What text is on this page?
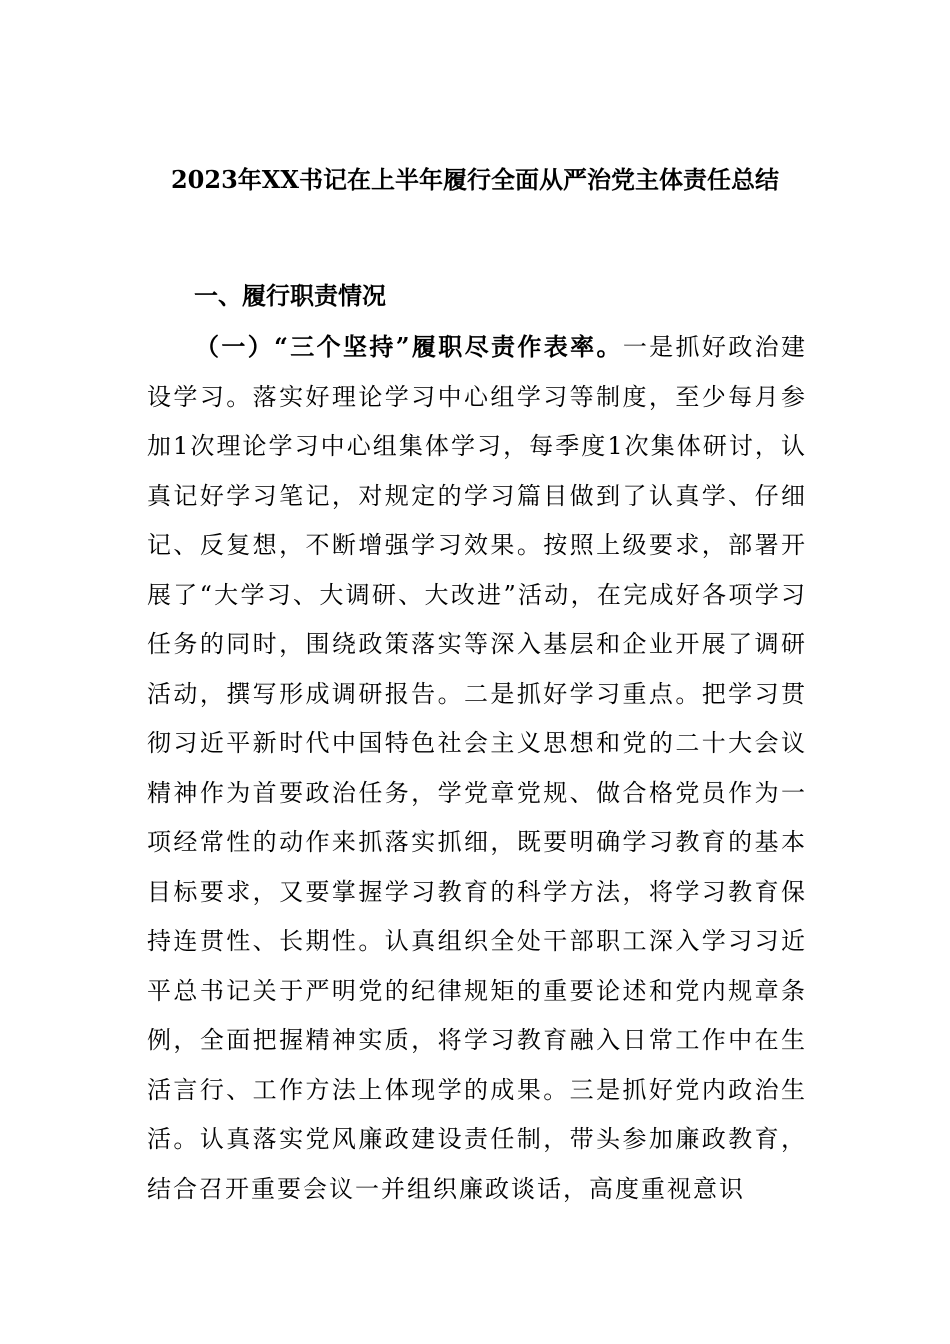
2023年XX书记在上半年履行全面从严治党主体责任总结
一、履行职责情况

（一）“三个坚持”履职尽责作表率。一是抓好政治建设学习。落实好理论学习中心组学习等制度，至少每月参加1次理论学习中心组集体学习，每季度1次集体研讨，认真记好学习笔记，对规定的学习篇目做到了认真学、仔细记、反复想，不断增强学习效果。按照上级要求，部署开展了“大学习、大调研、大改进”活动，在完成好各项学习任务的同时，围绕政策落实等深入基层和企业开展了调研活动，撰写形成调研报告。二是抓好学习重点。把学习贯彻习近平新时代中国特色社会主义思想和党的二十大会议精神作为首要政治任务，学党章党规、做合格党员作为一项经常性的动作来抓落实抓细，既要明确学习教育的基本目标要求，又要掌握学习教育的科学方法，将学习教育保持连贯性、长期性。认真组织全处干部职工深入学习习近平总书记关于严明党的纪律规矩的重要论述和党内规章条例，全面把握精神实质，将学习教育融入日常工作中在生活言行、工作方法上体现学的成果。三是抓好党内政治生活。认真落实党风廉政建设责任制，带头参加廉政教育，结合召开重要会议一并组织廉政谈话，高度重视意识
